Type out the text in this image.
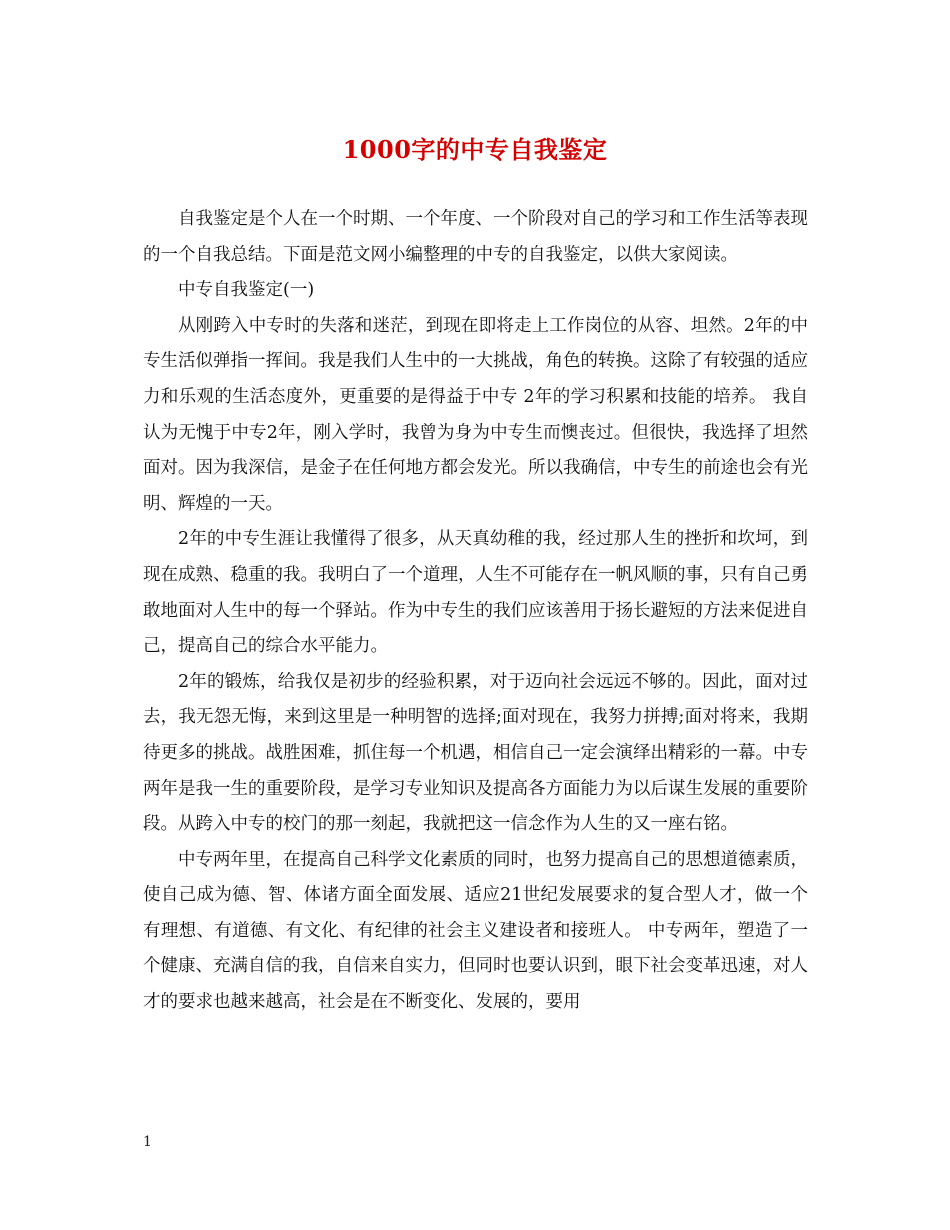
1000字的中专自我鉴定

自我鉴定是个人在一个时期、一个年度、一个阶段对自己的学习和工作生活等表现的一个自我总结。下面是范文网小编整理的中专的自我鉴定，以供大家阅读。

中专自我鉴定(一)

从刚跨入中专时的失落和迷茫，到现在即将走上工作岗位的从容、坦然。2年的中专生活似弹指一挥间。我是我们人生中的一大挑战，角色的转换。这除了有较强的适应力和乐观的生活态度外，更重要的是得益于中专 2年的学习积累和技能的培养。 我自认为无愧于中专2年，刚入学时，我曾为身为中专生而懊丧过。但很快，我选择了坦然面对。因为我深信，是金子在任何地方都会发光。所以我确信，中专生的前途也会有光明、辉煌的一天。

2年的中专生涯让我懂得了很多，从天真幼稚的我，经过那人生的挫折和坎坷，到现在成熟、稳重的我。我明白了一个道理，人生不可能存在一帆风顺的事，只有自己勇敢地面对人生中的每一个驿站。作为中专生的我们应该善用于扬长避短的方法来促进自己，提高自己的综合水平能力。

2年的锻炼，给我仅是初步的经验积累，对于迈向社会远远不够的。因此，面对过去，我无怨无悔，来到这里是一种明智的选择;面对现在，我努力拼搏;面对将来，我期待更多的挑战。战胜困难，抓住每一个机遇，相信自己一定会演绎出精彩的一幕。中专两年是我一生的重要阶段，是学习专业知识及提高各方面能力为以后谋生发展的重要阶段。从跨入中专的校门的那一刻起，我就把这一信念作为人生的又一座右铭。

中专两年里，在提高自己科学文化素质的同时，也努力提高自己的思想道德素质，使自己成为德、智、体诸方面全面发展、适应21世纪发展要求的复合型人才，做一个有理想、有道德、有文化、有纪律的社会主义建设者和接班人。 中专两年，塑造了一个健康、充满自信的我，自信来自实力，但同时也要认识到，眼下社会变革迅速，对人才的要求也越来越高，社会是在不断变化、发展的，要用

1
